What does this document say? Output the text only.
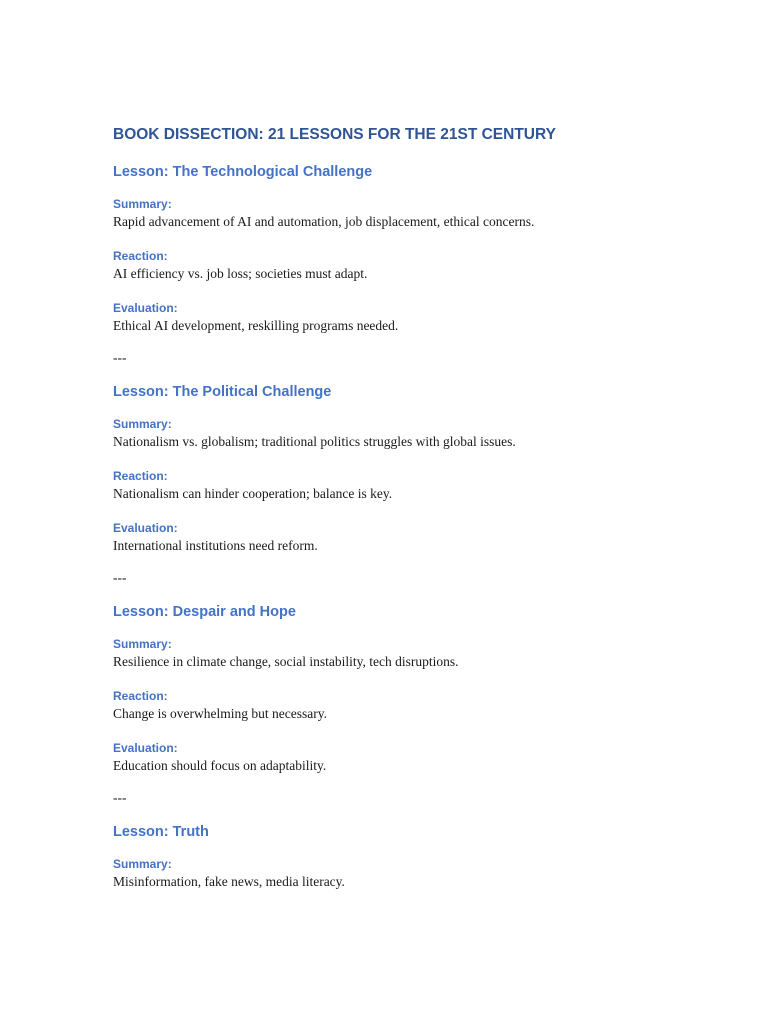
BOOK DISSECTION: 21 LESSONS FOR THE 21ST CENTURY
Lesson: The Technological Challenge
Summary:

Rapid advancement of AI and automation, job displacement, ethical concerns.

Reaction:

AI efficiency vs. job loss; societies must adapt.

Evaluation:

Ethical AI development, reskilling programs needed.

---

Lesson: The Political Challenge
Summary:

Nationalism vs. globalism; traditional politics struggles with global issues.

Reaction:

Nationalism can hinder cooperation; balance is key.

Evaluation:

International institutions need reform.

---

Lesson: Despair and Hope
Summary:

Resilience in climate change, social instability, tech disruptions.

Reaction:

Change is overwhelming but necessary.

Evaluation:

Education should focus on adaptability.

---

Lesson: Truth
Summary:

Misinformation, fake news, media literacy.
